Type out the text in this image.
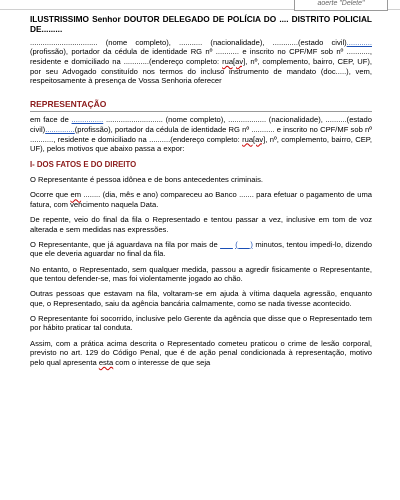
aoerte "Delete"

ILUSTRISSIMO Senhor DOUTOR DELEGADO DE POLÍCIA DO .... DISTRITO POLICIAL DE.........

................................ (nome completo), ........... (nacionalidade), ............(estado civil)............(profissão), portador da cédula de identidade RG nº ........... e inscrito no CPF/MF sob nº ..........., residente e domiciliado na ............(endereço completo: rua[av], nº, complemento, bairro, CEP, UF), por seu Advogado constituído nos termos do incluso instrumento de mandato (doc.....), vem, respeitosamente à presença de Vossa Senhoria oferecer

REPRESENTAÇÃO

em face de ............... ........................... (nome completo), .................. (nacionalidade), ..........(estado civil)..............(profissão), portador da cédula de identidade RG nº ........... e inscrito no CPF/MF sob nº ..........., residente e domiciliado na ..........(endereço completo: rua[av], nº, complemento, bairro, CEP, UF), pelos motivos que abaixo passa a expor:

I- DOS FATOS E DO DIREITO

O Representante é pessoa idônea e de bons antecedentes criminais.

Ocorre que em ........ (dia, mês e ano) compareceu ao Banco ....... para efetuar o pagamento de uma fatura, com vencimento naquela Data.

De repente, veio do final da fila o Representado e tentou passar a vez, inclusive em tom de voz alterada e sem medidas nas expressões.

O Representante, que já aguardava na fila por mais de ___ (___) minutos, tentou impedi-lo, dizendo que ele deveria aguardar no final da fila.

No entanto, o Representado, sem qualquer medida, passou a agredir fisicamente o Representante, que tentou defender-se, mas foi violentamente jogado ao chão.

Outras pessoas que estavam na fila, voltaram-se em ajuda à vítima daquela agressão, enquanto que, o Representado, saiu da agência bancária calmamente, como se nada tivesse acontecido.

O Representante foi socorrido, inclusive pelo Gerente da agência que disse que o Representado tem por hábito praticar tal conduta.

Assim, com a prática acima descrita o Representado cometeu praticou o crime de lesão corporal, previsto no art. 129 do Código Penal, que é de ação penal condicionada à representação, motivo pelo qual apresenta esta com o interesse de que seja
